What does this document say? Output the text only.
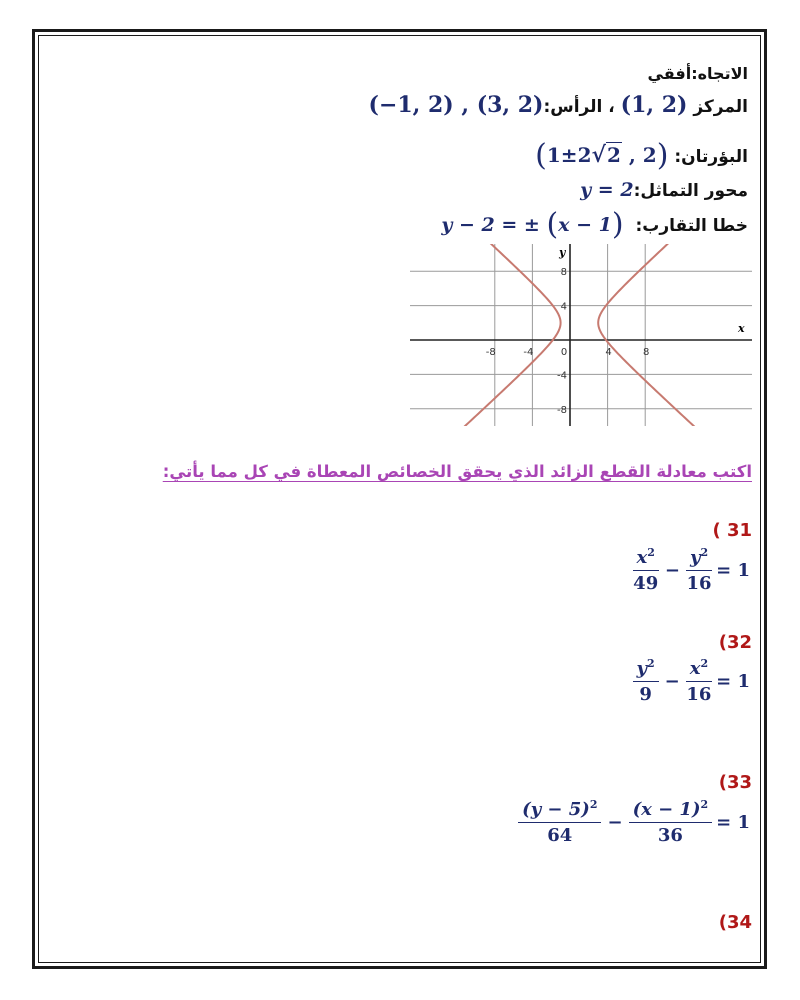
الاتجاه:أفقي
المركز (1, 2) ، الرأس:(−1, 2) , (3, 2)
البؤرتان: (1±2√2 , 2)
محور التماثل:y = 2
خطا التقارب:  y − 2 = ± (x − 1)
-8	-4	0	4	8
8
4
-4
-8
x
y
اكتب معادلة القطع الزائد الذي يحقق الخصائص المعطاة في كل مما يأتي:
( 31
$\frac{x^2}{49} - \frac{y^2}{16} = 1$
(32
$\frac{y^2}{9} - \frac{x^2}{16} = 1$
(33
$\frac{(y - 5)^2}{64} - \frac{(x - 1)^2}{36} = 1$
(34
